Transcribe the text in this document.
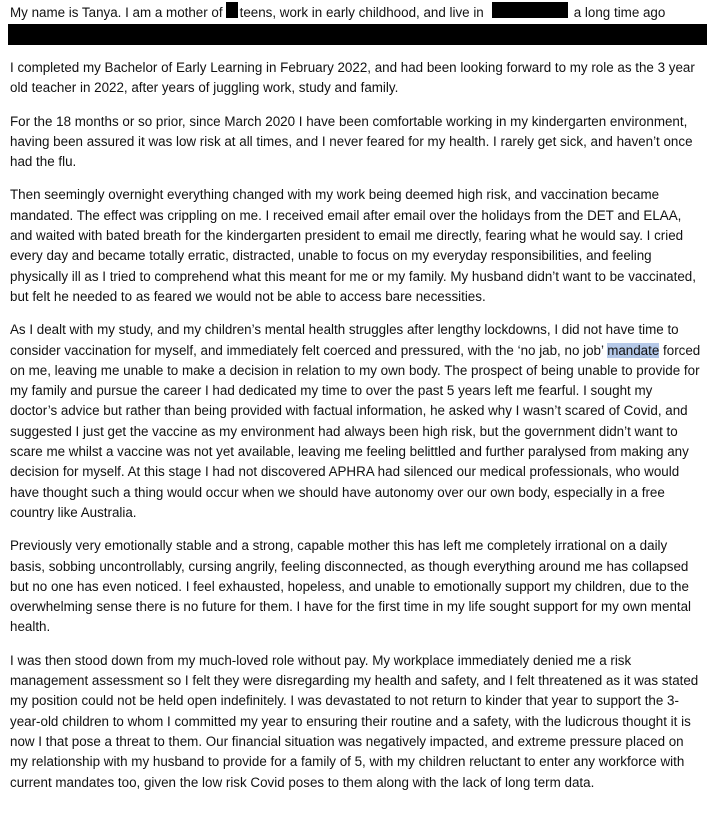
My name is Tanya. I am a mother of teens, work in early childhood, and live in	a long time ago

I completed my Bachelor of Early Learning in February 2022, and had been looking forward to my role as the 3 year old teacher in 2022, after years of juggling work, study and family.

For the 18 months or so prior, since March 2020 I have been comfortable working in my kindergarten environment, having been assured it was low risk at all times, and I never feared for my health. I rarely get sick, and haven’t once had the flu.

Then seemingly overnight everything changed with my work being deemed high risk, and vaccination became mandated. The effect was crippling on me. I received email after email over the holidays from the DET and ELAA, and waited with bated breath for the kindergarten president to email me directly, fearing what he would say. I cried every day and became totally erratic, distracted, unable to focus on my everyday responsibilities, and feeling physically ill as I tried to comprehend what this meant for me or my family. My husband didn’t want to be vaccinated, but felt he needed to as feared we would not be able to access bare necessities.

As I dealt with my study, and my children’s mental health struggles after lengthy lockdowns, I did not have time to consider vaccination for myself, and immediately felt coerced and pressured, with the ‘no jab, no job’ mandate forced on me, leaving me unable to make a decision in relation to my own body. The prospect of being unable to provide for my family and pursue the career I had dedicated my time to over the past 5 years left me fearful. I sought my doctor’s advice but rather than being provided with factual information, he asked why I wasn’t scared of Covid, and suggested I just get the vaccine as my environment had always been high risk, but the government didn’t want to scare me whilst a vaccine was not yet available, leaving me feeling belittled and further paralysed from making any decision for myself. At this stage I had not discovered APHRA had silenced our medical professionals, who would have thought such a thing would occur when we should have autonomy over our own body, especially in a free country like Australia.

Previously very emotionally stable and a strong, capable mother this has left me completely irrational on a daily basis, sobbing uncontrollably, cursing angrily, feeling disconnected, as though everything around me has collapsed but no one has even noticed. I feel exhausted, hopeless, and unable to emotionally support my children, due to the overwhelming sense there is no future for them. I have for the first time in my life sought support for my own mental health.

I was then stood down from my much-loved role without pay. My workplace immediately denied me a risk management assessment so I felt they were disregarding my health and safety, and I felt threatened as it was stated my position could not be held open indefinitely. I was devastated to not return to kinder that year to support the 3-year-old children to whom I committed my year to ensuring their routine and a safety, with the ludicrous thought it is now I that pose a threat to them. Our financial situation was negatively impacted, and extreme pressure placed on my relationship with my husband to provide for a family of 5, with my children reluctant to enter any workforce with current mandates too, given the low risk Covid poses to them along with the lack of long term data.
